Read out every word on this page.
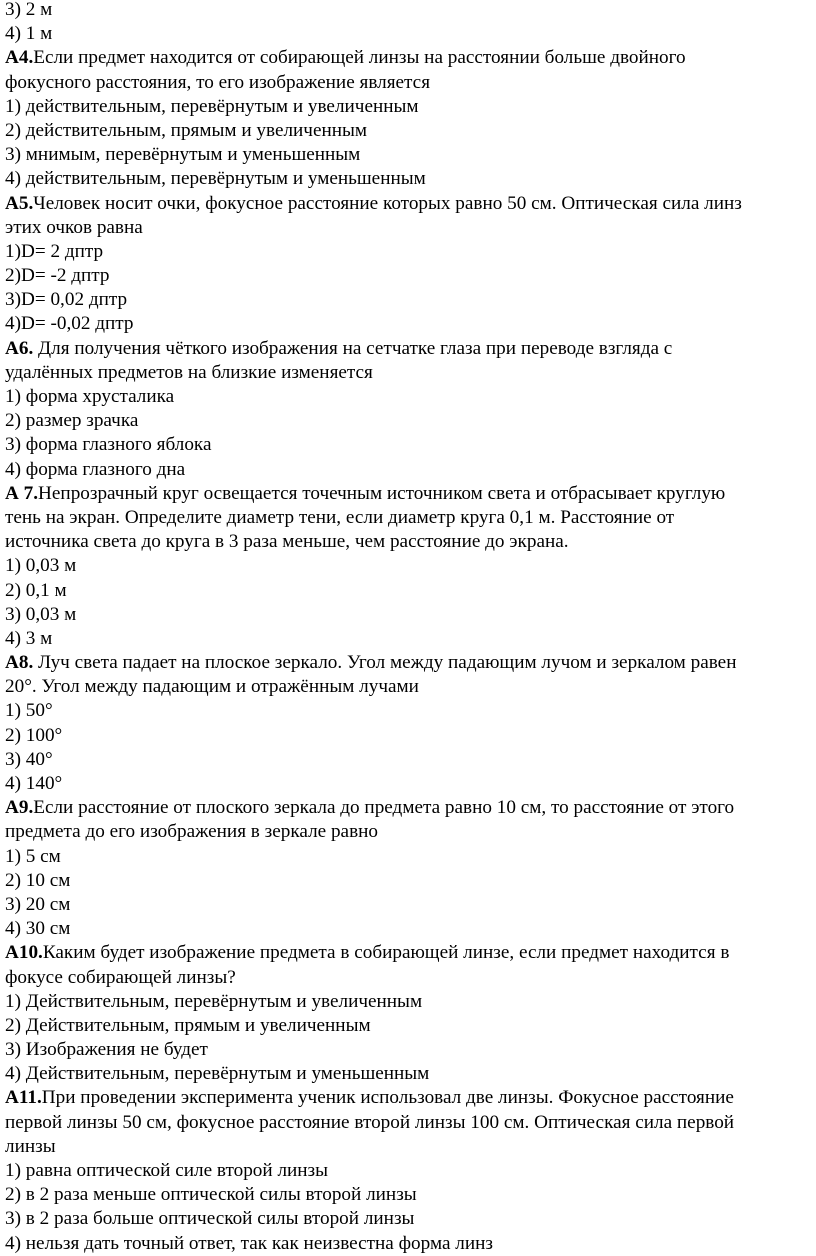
3) 2 м
4) 1 м
А4.Если предмет находится от собирающей линзы на расстоянии больше двойного
фокусного расстояния, то его изображение является
1) действительным, перевёрнутым и увеличенным
2) действительным, прямым и увеличенным
3) мнимым, перевёрнутым и уменьшенным
4) действительным, перевёрнутым и уменьшенным
А5.Человек носит очки, фокусное расстояние которых равно 50 см. Оптическая сила линз
этих очков равна
1)D= 2 дптр
2)D= -2 дптр
3)D= 0,02 дптр
4)D= -0,02 дптр
А6. Для получения чёткого изображения на сетчатке глаза при переводе взгляда с
удалённых предметов на близкие изменяется
1) форма хрусталика
2) размер зрачка
3) форма глазного яблока
4) форма глазного дна
А 7.Непрозрачный круг освещается точечным источником света и отбрасывает круглую
тень на экран. Определите диаметр тени, если диаметр круга 0,1 м. Расстояние от
источника света до круга в 3 раза меньше, чем расстояние до экрана.
1) 0,03 м
2) 0,1 м
3) 0,03 м
4) 3 м
А8. Луч света падает на плоское зеркало. Угол между падающим лучом и зеркалом равен
20°. Угол между падающим и отражённым лучами
1) 50°
2) 100°
3) 40°
4) 140°
А9.Если расстояние от плоского зеркала до предмета равно 10 см, то расстояние от этого
предмета до его изображения в зеркале равно
1) 5 см
2) 10 см
3) 20 см
4) 30 см
А10.Каким будет изображение предмета в собирающей линзе, если предмет находится в
фокусе собирающей линзы?
1) Действительным, перевёрнутым и увеличенным
2) Действительным, прямым и увеличенным
3) Изображения не будет
4) Действительным, перевёрнутым и уменьшенным
А11.При проведении эксперимента ученик использовал две линзы. Фокусное расстояние
первой линзы 50 см, фокусное расстояние второй линзы 100 см. Оптическая сила первой
линзы
1) равна оптической силе второй линзы
2) в 2 раза меньше оптической силы второй линзы
3) в 2 раза больше оптической силы второй линзы
4) нельзя дать точный ответ, так как неизвестна форма линз
